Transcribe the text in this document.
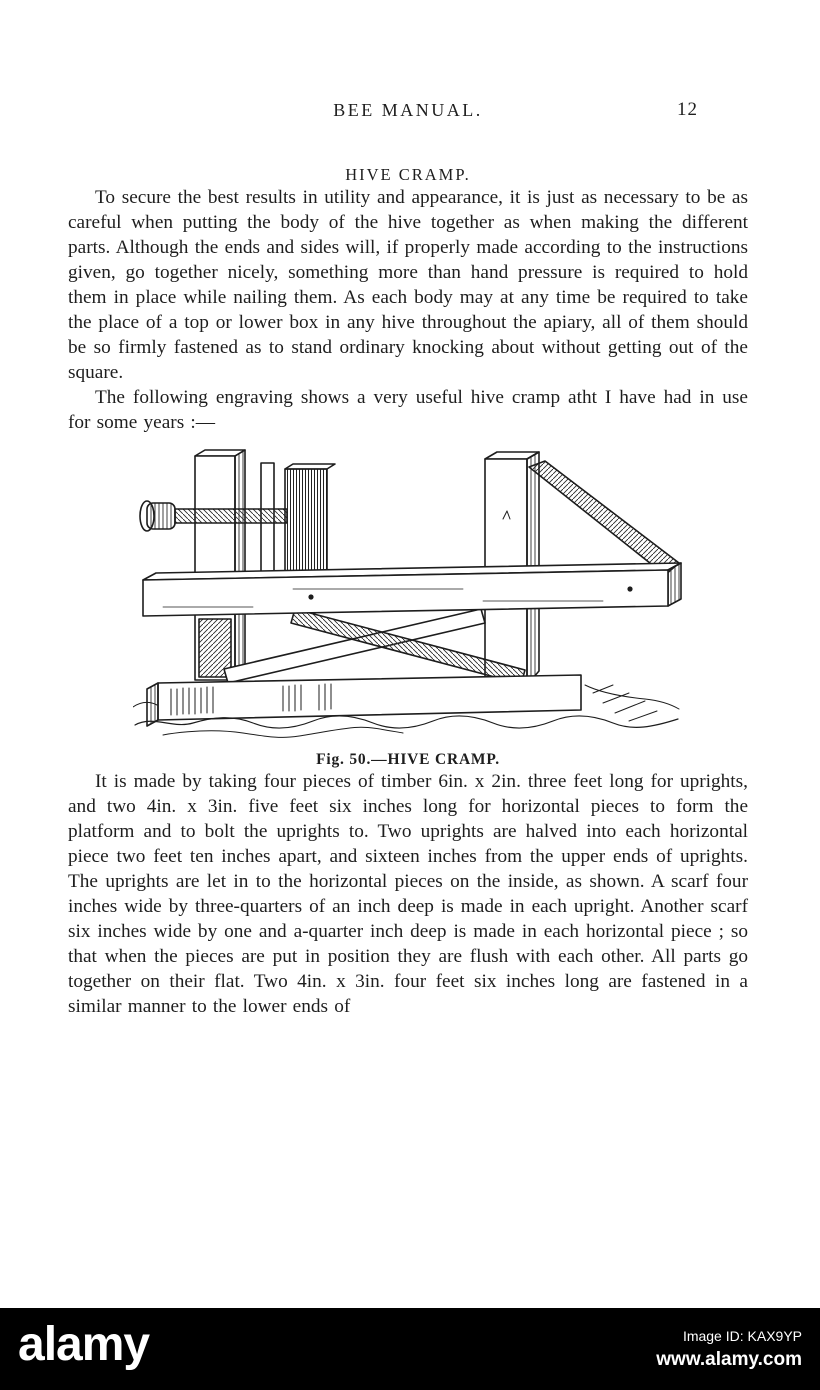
BEE MANUAL.	12
HIVE CRAMP.

To secure the best results in utility and appearance, it is just as necessary to be as careful when putting the body of the hive together as when making the different parts. Although the ends and sides will, if properly made according to the instructions given, go together nicely, something more than hand pressure is required to hold them in place while nailing them. As each body may at any time be required to take the place of a top or lower box in any hive throughout the apiary, all of them should be so firmly fastened as to stand ordinary knocking about without getting out of the square.

The following engraving shows a very useful hive cramp atht I have had in use for some years :—

Fig. 50.—HIVE CRAMP.

It is made by taking four pieces of timber 6in. x 2in. three feet long for uprights, and two 4in. x 3in. five feet six inches long for horizontal pieces to form the platform and to bolt the uprights to. Two uprights are halved into each horizontal piece two feet ten inches apart, and sixteen inches from the upper ends of uprights. The uprights are let in to the horizontal pieces on the inside, as shown. A scarf four inches wide by three-quarters of an inch deep is made in each upright. Another scarf six inches wide by one and a-quarter inch deep is made in each horizontal piece ; so that when the pieces are put in position they are flush with each other. All parts go together on their flat. Two 4in. x 3in. four feet six inches long are fastened in a similar manner to the lower ends of

alamy	Image ID: KAX9YP
www.alamy.com
